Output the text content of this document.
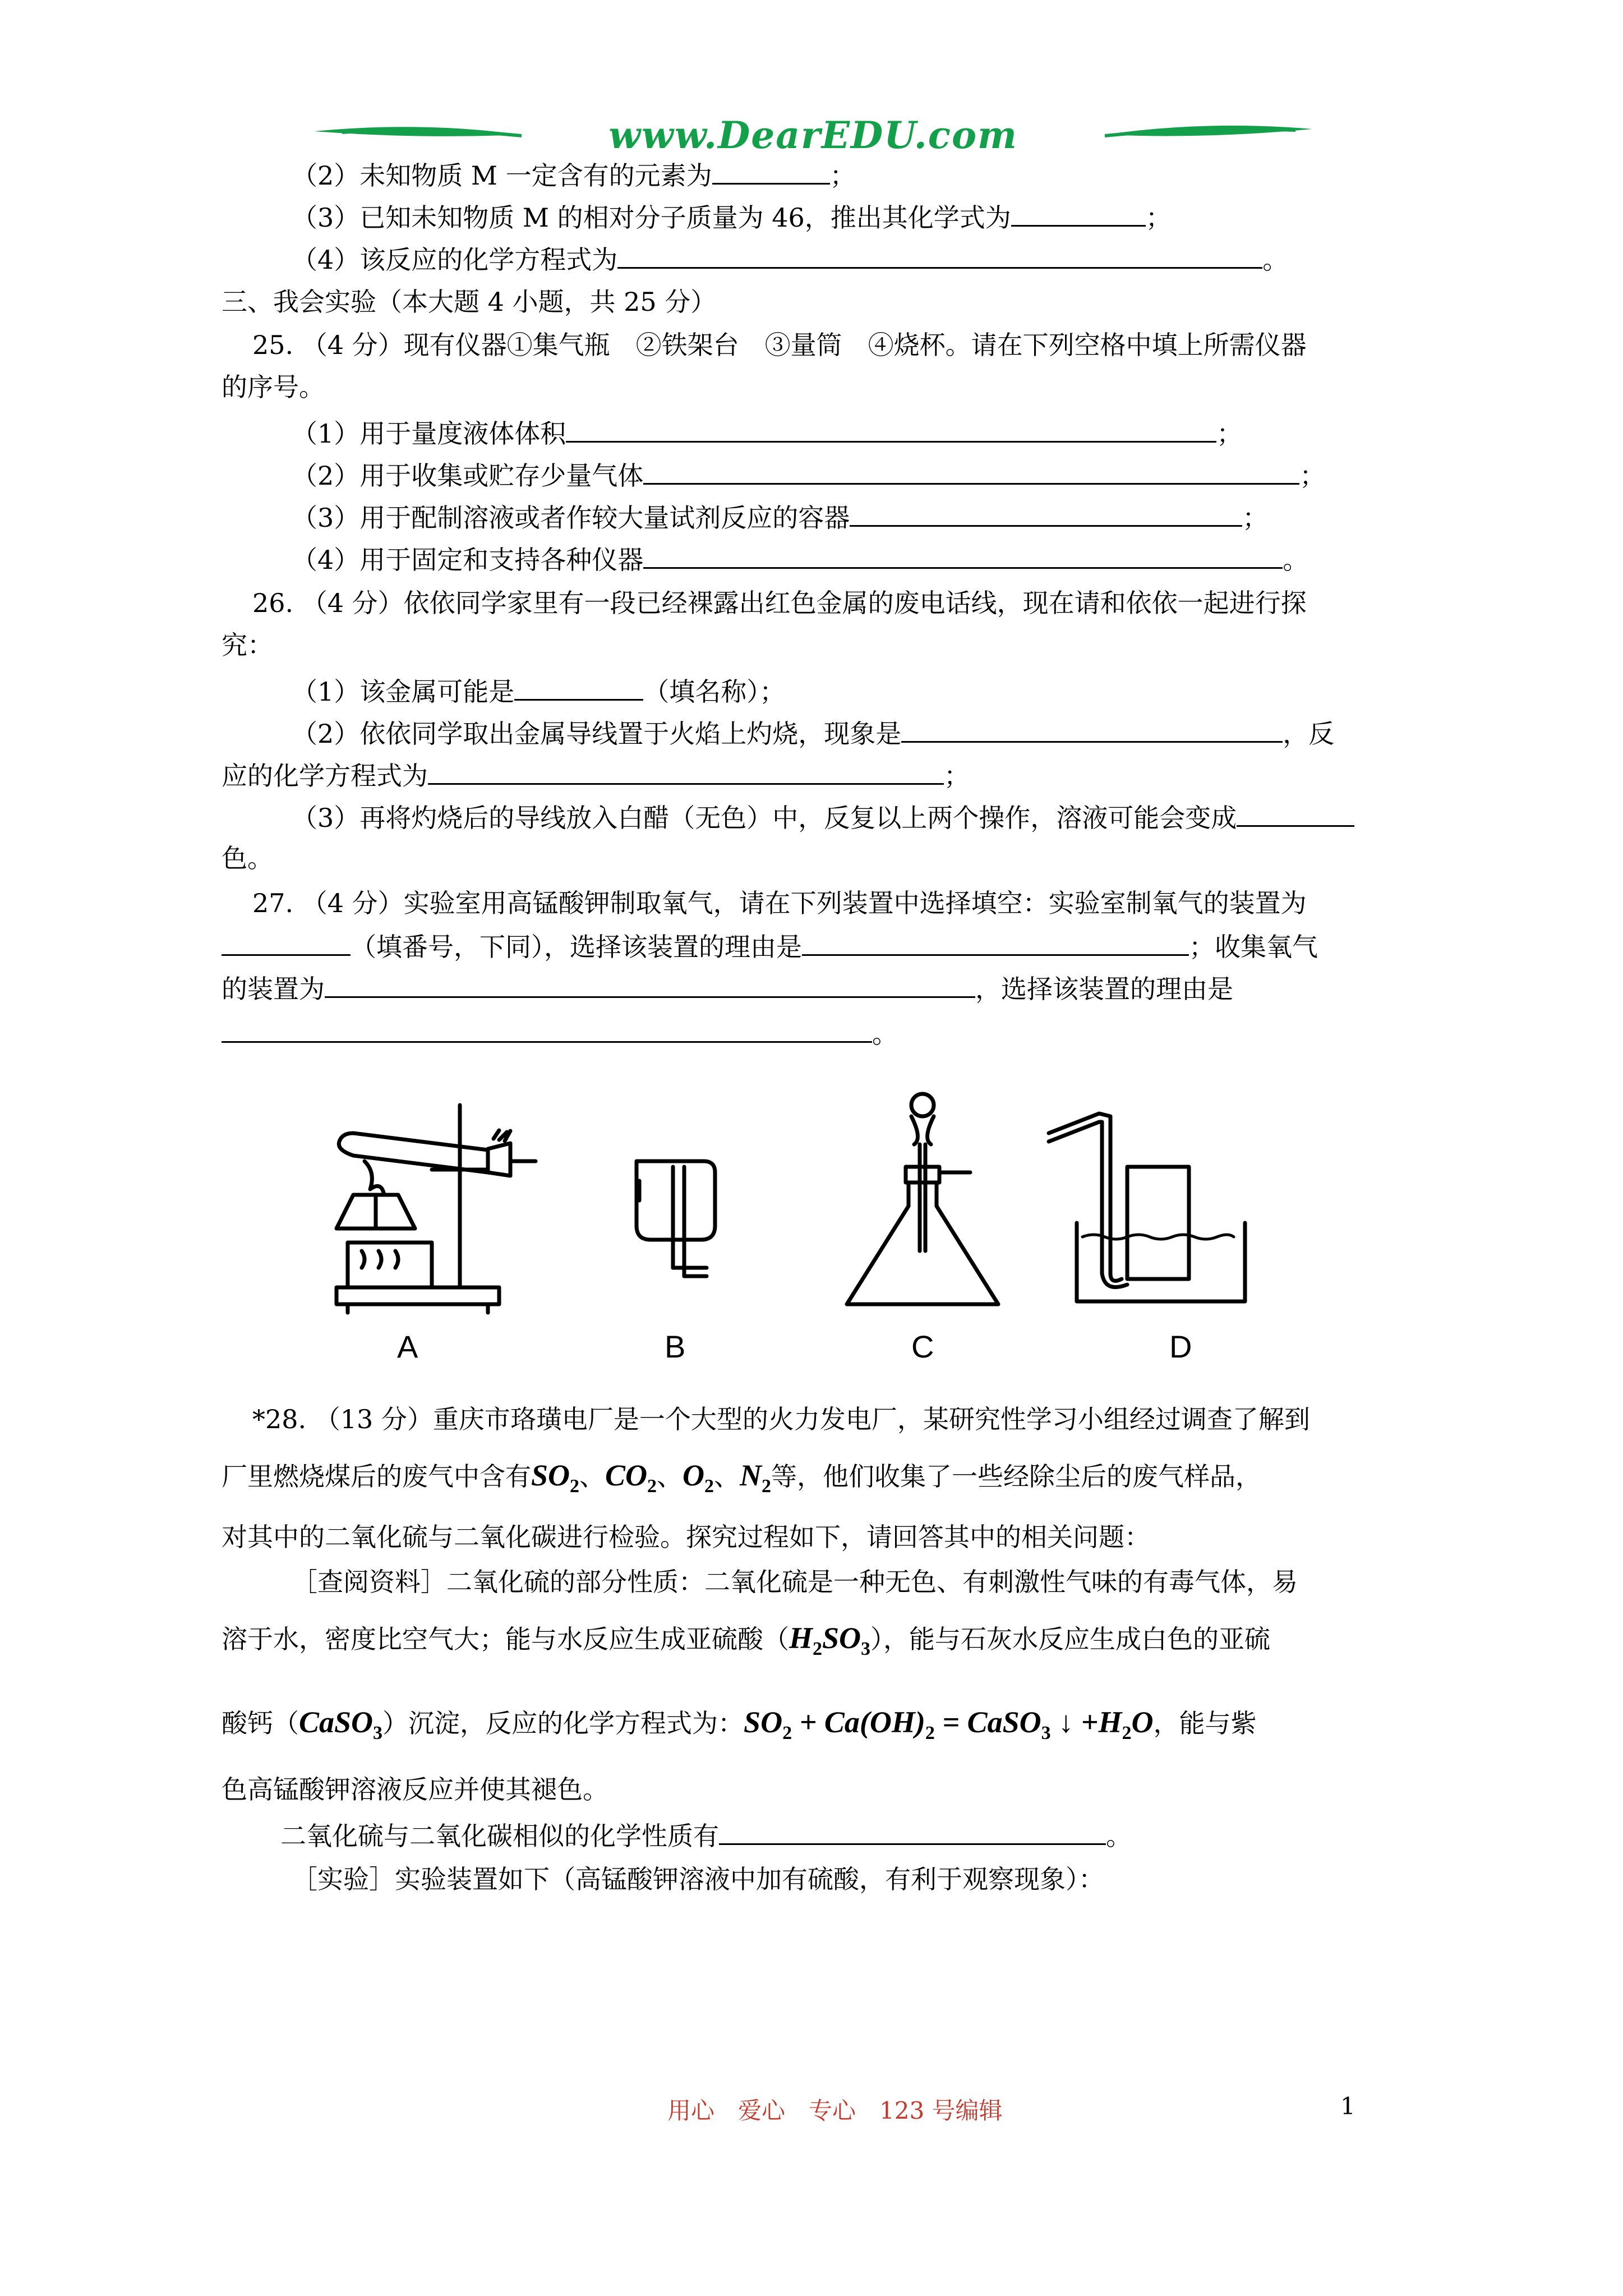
www.DearEDU.com
（2）未知物质 M 一定含有的元素为	；
（3）已知未知物质 M 的相对分子质量为 46，推出其化学式为	；
（4）该反应的化学方程式为	。
三、我会实验（本大题 4 小题，共 25 分）
25. （4 分）现有仪器①集气瓶　②铁架台　③量筒　④烧杯。请在下列空格中填上所需仪器
的序号。
（1）用于量度液体体积	；
（2）用于收集或贮存少量气体	；
（3）用于配制溶液或者作较大量试剂反应的容器	；
（4）用于固定和支持各种仪器	。
26. （4 分）依依同学家里有一段已经裸露出红色金属的废电话线，现在请和依依一起进行探
究：
（1）该金属可能是	（填名称）；
（2）依依同学取出金属导线置于火焰上灼烧，现象是	，反
应的化学方程式为	；
（3）再将灼烧后的导线放入白醋（无色）中，反复以上两个操作，溶液可能会变成
色。
27. （4 分）实验室用高锰酸钾制取氧气，请在下列装置中选择填空：实验室制氧气的装置为
（填番号，下同），选择该装置的理由是	；收集氧气
的装置为	，选择该装置的理由是
。
A	B	C	D
*28. （13 分）重庆市珞璜电厂是一个大型的火力发电厂，某研究性学习小组经过调查了解到
厂里燃烧煤后的废气中含有$SO_2$、$CO_2$、$O_2$、$N_2$等，他们收集了一些经除尘后的废气样品，
对其中的二氧化硫与二氧化碳进行检验。探究过程如下，请回答其中的相关问题：
［查阅资料］二氧化硫的部分性质：二氧化硫是一种无色、有刺激性气味的有毒气体，易
溶于水，密度比空气大；能与水反应生成亚硫酸$(H_2SO_3)$，能与石灰水反应生成白色的亚硫
酸钙（CaSO$_3$）沉淀，反应的化学方程式为：$SO_2 + Ca(OH)_2$ = CaSO$_3$ ↓ $+H_2O$，能与紫
色高锰酸钾溶液反应并使其褪色。
二氧化硫与二氧化碳相似的化学性质有	。
［实验］实验装置如下（高锰酸钾溶液中加有硫酸，有利于观察现象）：
用心　爱心　专心　123 号编辑	1
